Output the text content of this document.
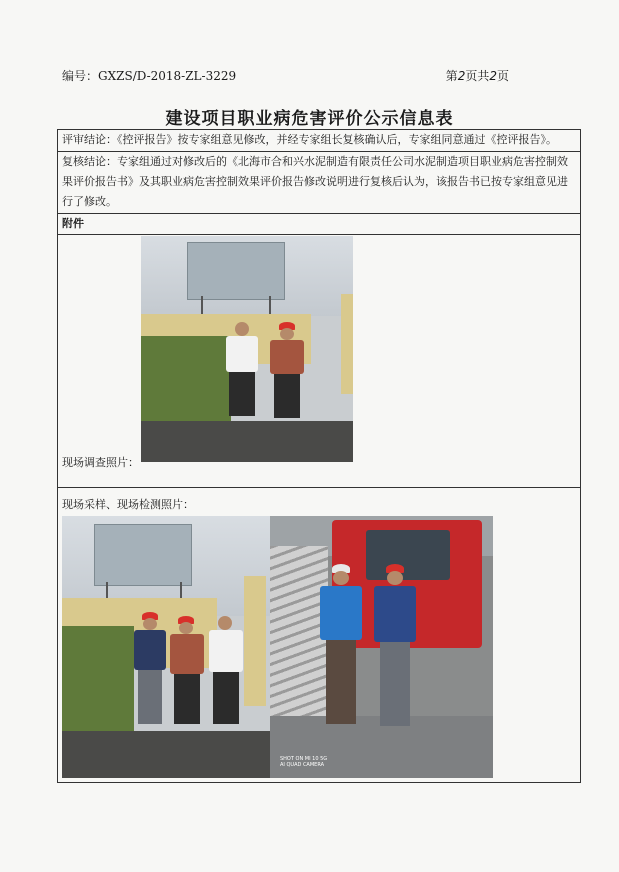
编号：GXZS/D-2018-ZL-3229	第2页共2页
建设项目职业病危害评价公示信息表
评审结论：《控评报告》按专家组意见修改，并经专家组长复核确认后，专家组同意通过《控评报告》。
复核结论：专家组通过对修改后的《北海市合和兴水泥制造有限责任公司水泥制造项目职业病危害控制效果评价报告书》及其职业病危害控制效果评价报告修改说明进行复核后认为，该报告书已按专家组意见进行了修改。
附件
现场调查照片：
现场采样、现场检测照片：
SHOT ON MI 10 5G
AI QUAD CAMERA
